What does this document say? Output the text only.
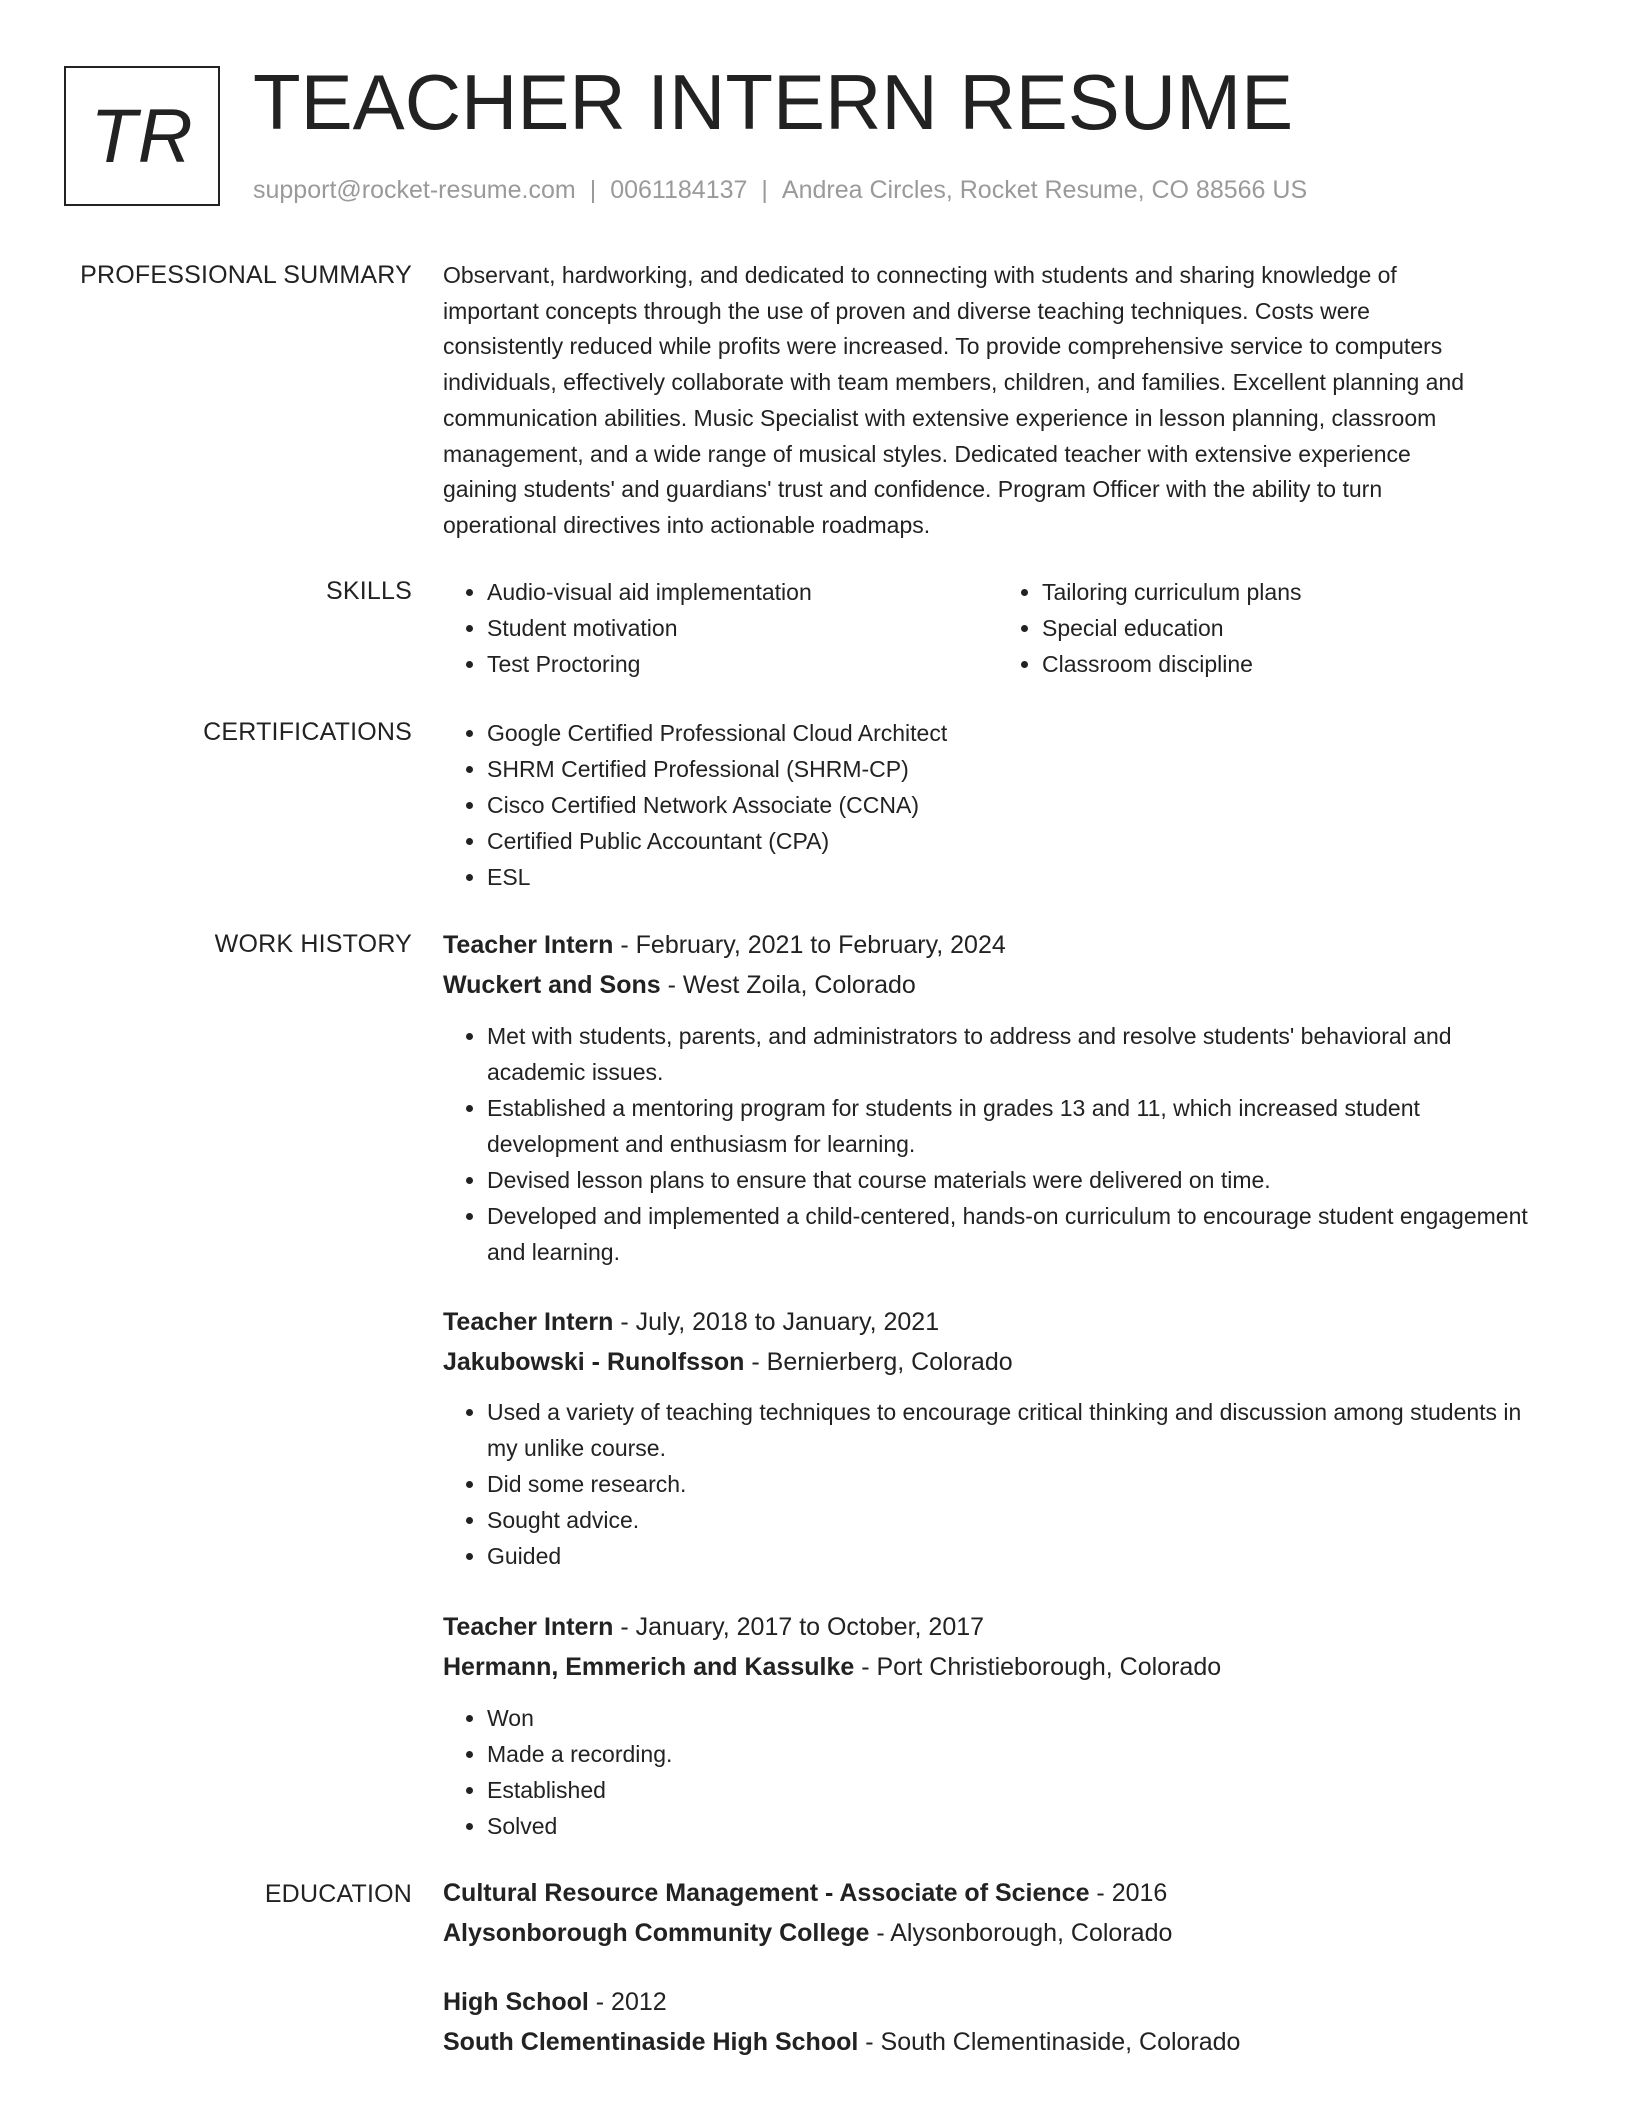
TR TEACHER INTERN RESUME
support@rocket-resume.com | 0061184137 | Andrea Circles, Rocket Resume, CO 88566 US
PROFESSIONAL SUMMARY Observant, hardworking, and dedicated to connecting with students and sharing knowledge of
important concepts through the use of proven and diverse teaching techniques. Costs were
consistently reduced while profits were increased. To provide comprehensive service to computers
individuals, effectively collaborate with team members, children, and families. Excellent planning and
communication abilities. Music Specialist with extensive experience in lesson planning, classroom
management, and a wide range of musical styles. Dedicated teacher with extensive experience
gaining students' and guardians' trust and confidence. Program Officer with the ability to turn
operational directives into actionable roadmaps.

SKILLS	• Audio-visual aid implementation
• Student motivation
• Test Proctoring
• Tailoring curriculum plans
• Special education
• Classroom discipline
CERTIFICATIONS	• Google Certified Professional Cloud Architect
• SHRM Certified Professional (SHRM-CP)
• Cisco Certified Network Associate (CCNA)
• Certified Public Accountant (CPA)
• ESL
WORK HISTORY Teacher Intern - February, 2021 to February, 2024
Wuckert and Sons - West Zoila, Colorado
• Met with students, parents, and administrators to address and resolve students' behavioral and academic issues.
• Established a mentoring program for students in grades 13 and 11, which increased student development and enthusiasm for learning.
• Devised lesson plans to ensure that course materials were delivered on time.
• Developed and implemented a child-centered, hands-on curriculum to encourage student engagement and learning.
Teacher Intern - July, 2018 to January, 2021
Jakubowski - Runolfsson - Bernierberg, Colorado
• Used a variety of teaching techniques to encourage critical thinking and discussion among students in my unlike course.
• Did some research.
• Sought advice.
• Guided
Teacher Intern - January, 2017 to October, 2017
Hermann, Emmerich and Kassulke - Port Christieborough, Colorado
• Won
• Made a recording.
• Established
• Solved
EDUCATION Cultural Resource Management - Associate of Science - 2016
Alysonborough Community College - Alysonborough, Colorado
High School - 2012
South Clementinaside High School - South Clementinaside, Colorado
